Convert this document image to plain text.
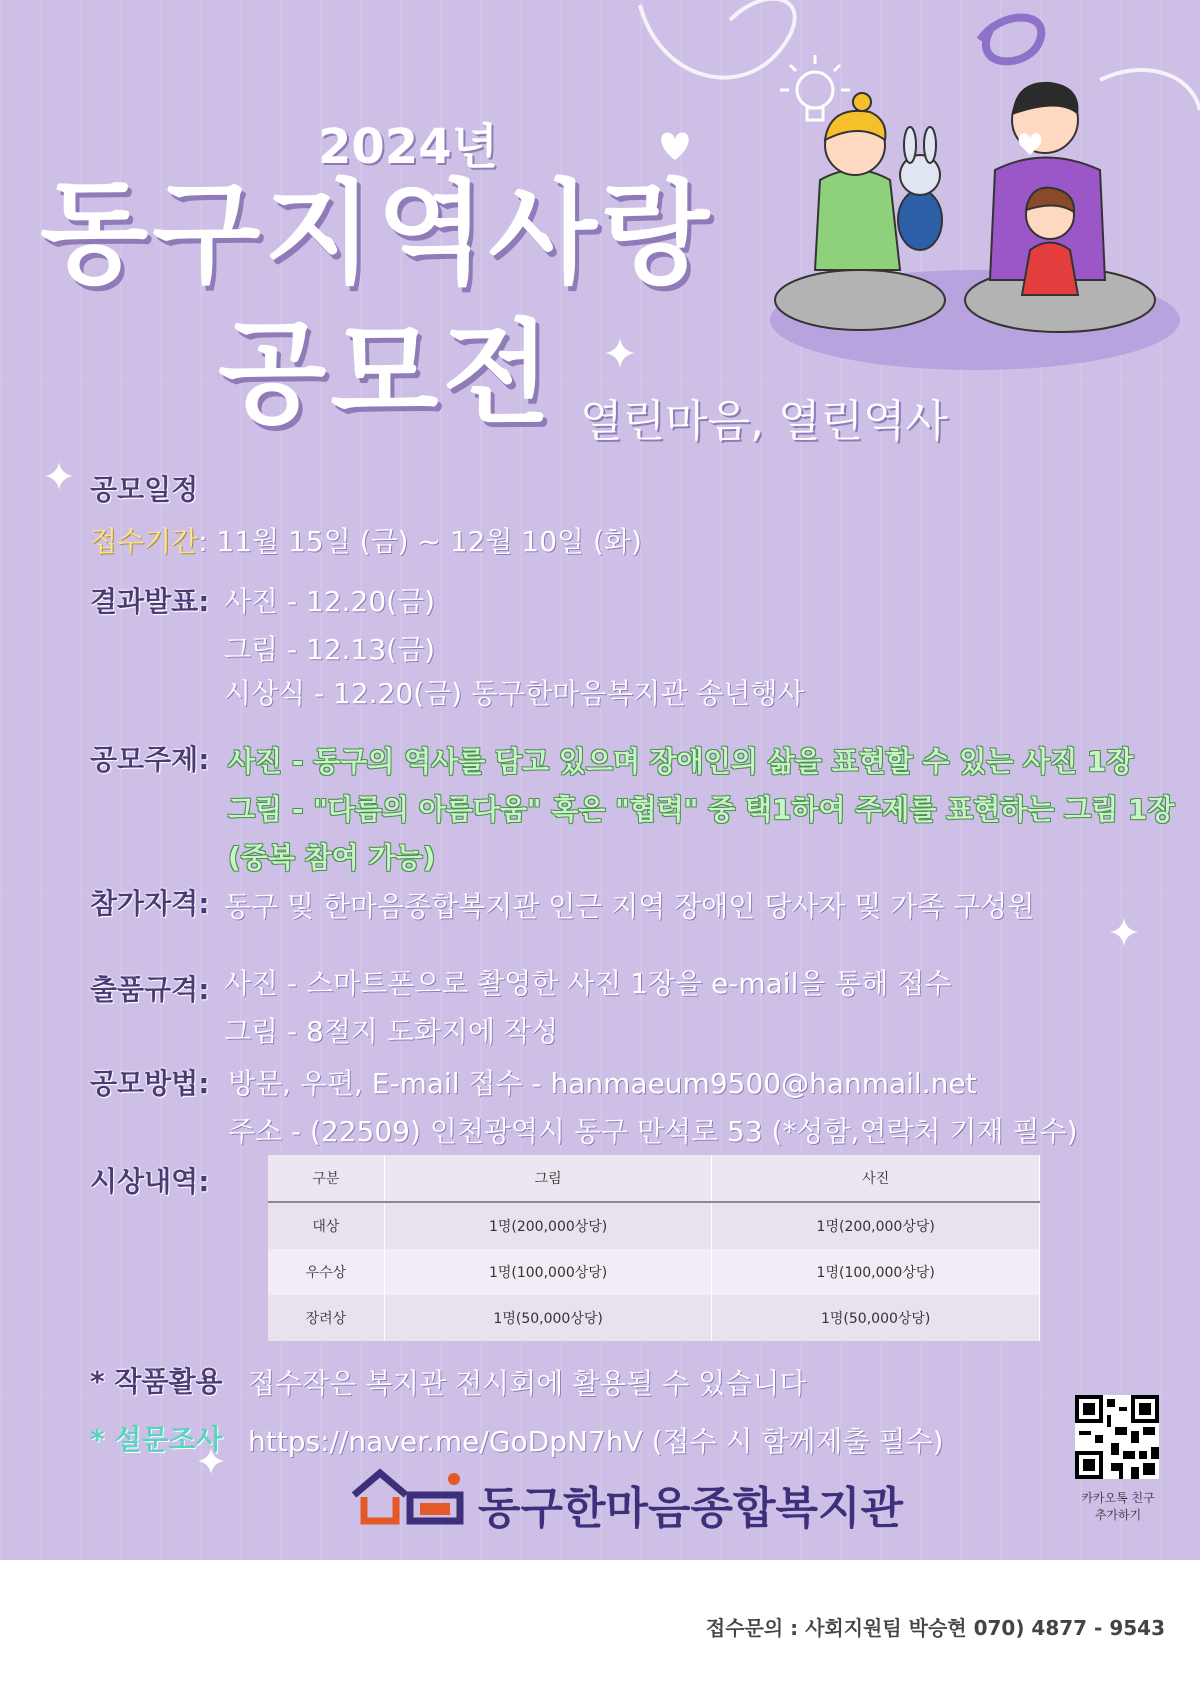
2024년
동구지역사랑
공모전 열린마음, 열린역사
공모일정
접수기간: 11월 15일 (금) ~ 12월 10일 (화)
결과발표: 사진 - 12.20(금)
그림 - 12.13(금)
시상식 - 12.20(금) 동구한마음복지관 송년행사
공모주제: 사진 - 동구의 역사를 담고 있으며 장애인의 삶을 표현할 수 있는 사진 1장
그림 - "다름의 아름다움" 혹은 "협력" 중 택1하여 주제를 표현하는 그림 1장
(중복 참여 가능)
참가자격: 동구 및 한마음종합복지관 인근 지역 장애인 당사자 및 가족 구성원
출품규격: 사진 - 스마트폰으로 촬영한 사진 1장을 e-mail을 통해 접수
그림 - 8절지 도화지에 작성
공모방법: 방문, 우편, E-mail 접수 - hanmaeum9500@hanmail.net
주소 - (22509) 인천광역시 동구 만석로 53 (*성함,연락처 기재 필수)
시상내역:	구분	그림	사진
대상	1명(200,000상당)	1명(200,000상당)
우수상	1명(100,000상당)	1명(100,000상당)
장려상	1명(50,000상당)	1명(50,000상당)
* 작품활용 접수작은 복지관 전시회에 활용될 수 있습니다
* 설문조사 https://naver.me/GoDpN7hV (접수 시 함께제출 필수)
동구한마음종합복지관	카카오톡 친구
추가하기
접수문의 : 사회지원팀 박승현 070) 4877 - 9543
